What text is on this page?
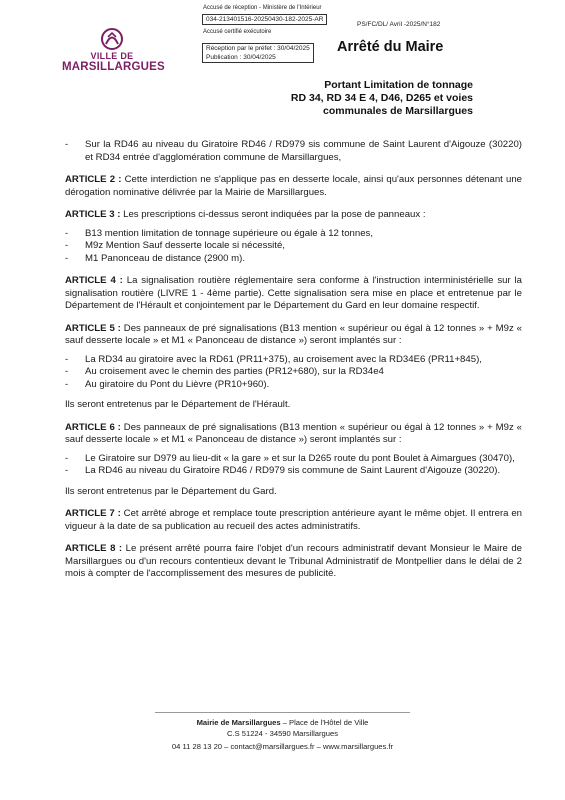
Accusé de réception - Ministère de l'Intérieur
034-213401516-20250430-182-2025-AR
Accusé certifié exécutoire
Réception par le préfet : 30/04/2025
Publication : 30/04/2025
PS/FC/DL/ Avril -2025/N°182
VILLE DE
MARSILLARGUES
Arrêté du Maire
Portant Limitation de tonnage
RD 34, RD 34 E 4, D46, D265 et voies
communales de Marsillargues
- Sur la RD46 au niveau du Giratoire RD46 / RD979 sis commune de Saint Laurent d'Aigouze (30220) et RD34 entrée d'agglomération commune de Marsillargues,
ARTICLE 2 : Cette interdiction ne s'applique pas en desserte locale, ainsi qu'aux personnes détenant une dérogation nominative délivrée par la Mairie de Marsillargues.
ARTICLE 3 : Les prescriptions ci-dessus seront indiquées par la pose de panneaux :
- B13 mention limitation de tonnage supérieure ou égale à 12 tonnes,
- M9z Mention Sauf desserte locale si nécessité,
- M1 Panonceau de distance (2900 m).
ARTICLE 4 : La signalisation routière réglementaire sera conforme à l'instruction interministérielle sur la signalisation routière (LIVRE 1 - 4ème partie). Cette signalisation sera mise en place et entretenue par le Département de l'Hérault et conjointement par le Département du Gard en leur domaine respectif.
ARTICLE 5 : Des panneaux de pré signalisations (B13 mention « supérieur ou égal à 12 tonnes » + M9z « sauf desserte locale » et M1 « Panonceau de distance ») seront implantés sur :
- La RD34 au giratoire avec la RD61 (PR11+375), au croisement avec la RD34E6 (PR11+845),
- Au croisement avec le chemin des parties (PR12+680), sur la RD34e4
- Au giratoire du Pont du Lièvre (PR10+960).
Ils seront entretenus par le Département de l'Hérault.
ARTICLE 6 : Des panneaux de pré signalisations (B13 mention « supérieur ou égal à 12 tonnes » + M9z « sauf desserte locale » et M1 « Panonceau de distance ») seront implantés sur :
- Le Giratoire sur D979 au lieu-dit « la gare » et sur la D265 route du pont Boulet à Aimargues (30470),
- La RD46 au niveau du Giratoire RD46 / RD979 sis commune de Saint Laurent d'Aigouze (30220).
Ils seront entretenus par le Département du Gard.
ARTICLE 7 : Cet arrêté abroge et remplace toute prescription antérieure ayant le même objet. Il entrera en vigueur à la date de sa publication au recueil des actes administratifs.
ARTICLE 8 : Le présent arrêté pourra faire l'objet d'un recours administratif devant Monsieur le Maire de Marsillargues ou d'un recours contentieux devant le Tribunal Administratif de Montpellier dans le délai de 2 mois à compter de l'accomplissement des mesures de publicité.
Mairie de Marsillargues – Place de l'Hôtel de Ville
C.S 51224 - 34590 Marsillargues
04 11 28 13 20 – contact@marsillargues.fr – www.marsillargues.fr
